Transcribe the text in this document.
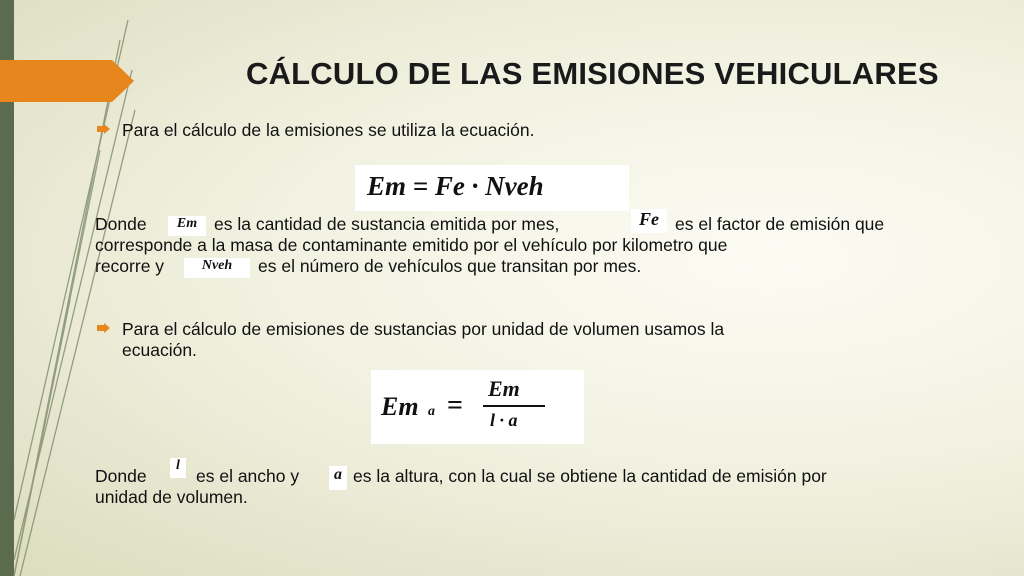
CÁLCULO DE LAS EMISIONES VEHICULARES
Para el cálculo de la emisiones se utiliza la ecuación.
Em = Fe · Nveh
Donde	Em es la cantidad de sustancia emitida por mes,	Fe es el factor de emisión que
corresponde a la masa de contaminante emitido por el vehículo por kilometro que
recorre y	Nveh	es el número de vehículos que transitan por mes.
Para el cálculo de emisiones de sustancias por unidad de volumen usamos la
ecuación.
Em a =
Em
l · a
Donde
l
es el ancho y	a es la altura, con la cual se obtiene la cantidad de emisión por
unidad de volumen.
